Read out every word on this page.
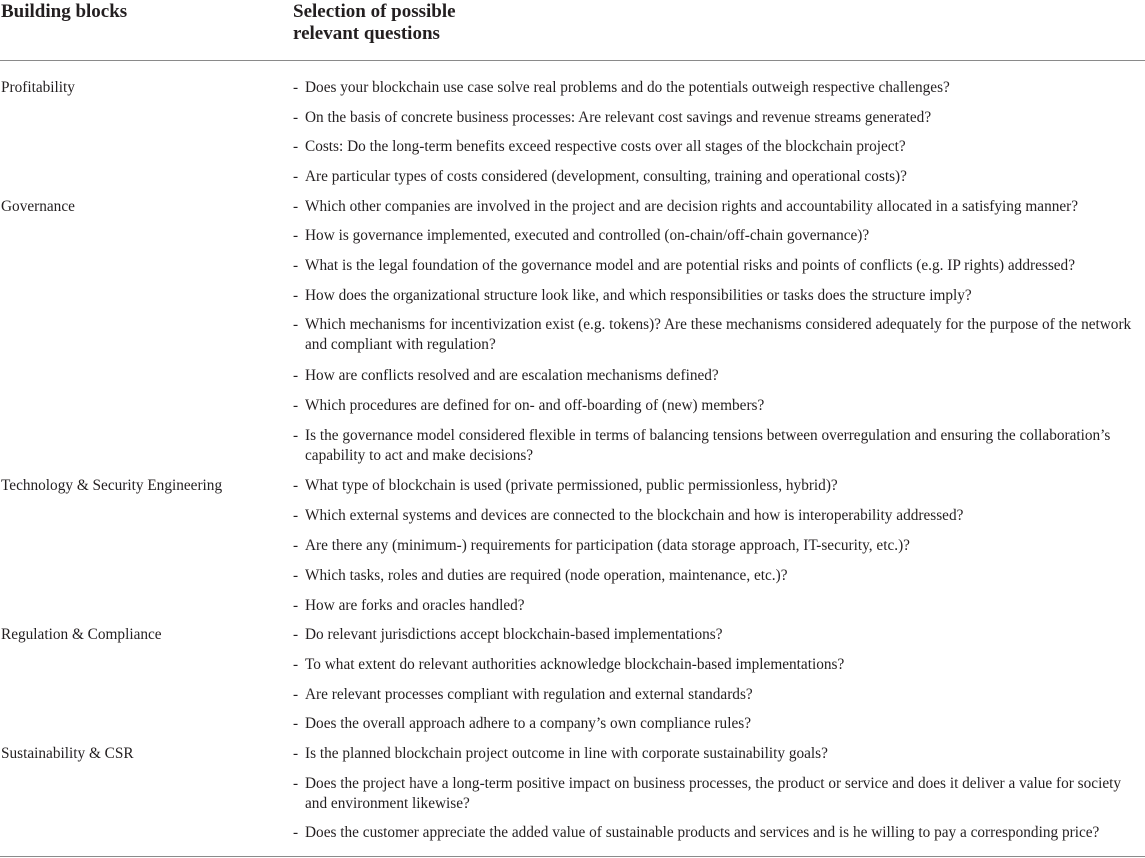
Building blocks	Selection of possible
relevant questions
Profitability	- Does your blockchain use case solve real problems and do the potentials outweigh respective challenges?
- On the basis of concrete business processes: Are relevant cost savings and revenue streams generated?
- Costs: Do the long-term benefits exceed respective costs over all stages of the blockchain project?
- Are particular types of costs considered (development, consulting, training and operational costs)?
Governance	- Which other companies are involved in the project and are decision rights and accountability allocated in a satisfying manner?
- How is governance implemented, executed and controlled (on-chain/off-chain governance)?
- What is the legal foundation of the governance model and are potential risks and points of conflicts (e.g. IP rights) addressed?
- How does the organizational structure look like, and which responsibilities or tasks does the structure imply?
- Which mechanisms for incentivization exist (e.g. tokens)? Are these mechanisms considered adequately for the purpose of the network and compliant with regulation?
- How are conflicts resolved and are escalation mechanisms defined?
- Which procedures are defined for on- and off-boarding of (new) members?
- Is the governance model considered flexible in terms of balancing tensions between overregulation and ensuring the collaboration’s capability to act and make decisions?
Technology & Security Engineering	- What type of blockchain is used (private permissioned, public permissionless, hybrid)?
- Which external systems and devices are connected to the blockchain and how is interoperability addressed?
- Are there any (minimum-) requirements for participation (data storage approach, IT-security, etc.)?
- Which tasks, roles and duties are required (node operation, maintenance, etc.)?
- How are forks and oracles handled?
Regulation & Compliance	- Do relevant jurisdictions accept blockchain-based implementations?
- To what extent do relevant authorities acknowledge blockchain-based implementations?
- Are relevant processes compliant with regulation and external standards?
- Does the overall approach adhere to a company’s own compliance rules?
Sustainability & CSR	- Is the planned blockchain project outcome in line with corporate sustainability goals?
- Does the project have a long-term positive impact on business processes, the product or service and does it deliver a value for society and environment likewise?
- Does the customer appreciate the added value of sustainable products and services and is he willing to pay a corresponding price?
